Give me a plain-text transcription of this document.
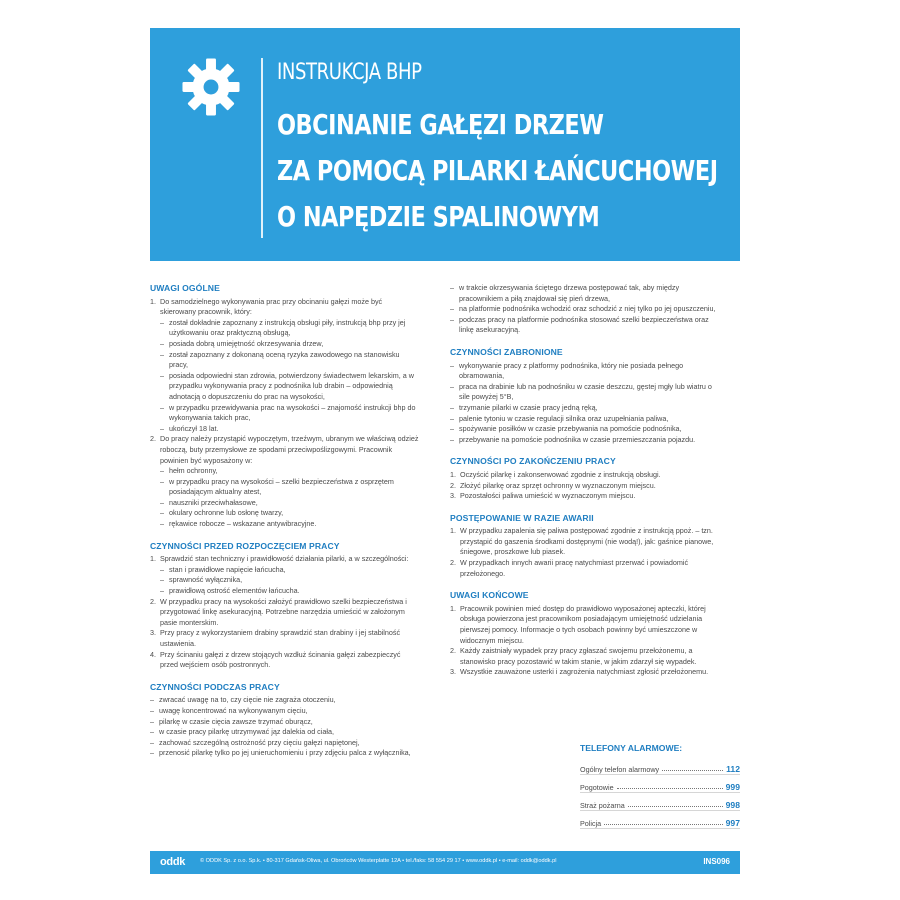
INSTRUKCJA BHP
OBCINANIE GAŁĘZI DRZEW
ZA POMOCĄ PILARKI ŁAŃCUCHOWEJ
O NAPĘDZIE SPALINOWYM
UWAGI OGÓLNE
1. Do samodzielnego wykonywania prac przy obcinaniu gałęzi może być skierowany pracownik, który:
– został dokładnie zapoznany z instrukcją obsługi piły, instrukcją bhp przy jej użytkowaniu oraz praktyczną obsługą,
– posiada dobrą umiejętność okrzesywania drzew,
– został zapoznany z dokonaną oceną ryzyka zawodowego na stanowisku pracy,
– posiada odpowiedni stan zdrowia, potwierdzony świadectwem lekarskim, a w przypadku wykonywania pracy z podnośnika lub drabin – odpowiednią adnotacją o dopuszczeniu do prac na wysokości,
– w przypadku przewidywania prac na wysokości – znajomość instrukcji bhp do wykonywania takich prac,
– ukończył 18 lat.
2. Do pracy należy przystąpić wypoczętym, trzeźwym, ubranym we właściwą odzież roboczą, buty przemysłowe ze spodami przeciwpoślizgowymi. Pracownik powinien być wyposażony w:
– hełm ochronny,
– w przypadku pracy na wysokości – szelki bezpieczeństwa z osprzętem posiadającym aktualny atest,
– nauszniki przeciwhałasowe,
– okulary ochronne lub osłonę twarzy,
– rękawice robocze – wskazane antywibracyjne.
CZYNNOŚCI PRZED ROZPOCZĘCIEM PRACY
1. Sprawdzić stan techniczny i prawidłowość działania pilarki, a w szczególności:
– stan i prawidłowe napięcie łańcucha,
– sprawność wyłącznika,
– prawidłową ostrość elementów łańcucha.
2. W przypadku pracy na wysokości założyć prawidłowo szelki bezpieczeństwa i przygotować linkę asekuracyjną. Potrzebne narzędzia umieścić w założonym pasie monterskim.
3. Przy pracy z wykorzystaniem drabiny sprawdzić stan drabiny i jej stabilność ustawienia.
4. Przy ścinaniu gałęzi z drzew stojących wzdłuż ścinania gałęzi zabezpieczyć przed wejściem osób postronnych.
CZYNNOŚCI PODCZAS PRACY
– zwracać uwagę na to, czy cięcie nie zagraża otoczeniu,
– uwagę koncentrować na wykonywanym cięciu,
– pilarkę w czasie cięcia zawsze trzymać oburącz,
– w czasie pracy pilarkę utrzymywać jąz dalekia od ciała,
– zachować szczególną ostrożność przy cięciu gałęzi napiętonej,
– przenosić pilarkę tylko po jej unieruchomieniu i przy zdjęciu palca z wyłącznika,
– w trakcie okrzesywania ściętego drzewa postępować tak, aby między pracownikiem a piłą znajdował się pień drzewa,
– na platformie podnośnika wchodzić oraz schodzić z niej tylko po jej opuszczeniu,
– podczas pracy na platformie podnośnika stosować szelki bezpieczeństwa oraz linkę asekuracyjną.
CZYNNOŚCI ZABRONIONE
– wykonywanie pracy z platformy podnośnika, który nie posiada pełnego obramowania,
– praca na drabinie lub na podnośniku w czasie deszczu, gęstej mgły lub wiatru o sile powyżej 5°B,
– trzymanie pilarki w czasie pracy jedną ręką,
– palenie tytoniu w czasie regulacji silnika oraz uzupełniania paliwa,
– spożywanie posiłków w czasie przebywania na pomoście podnośnika,
– przebywanie na pomoście podnośnika w czasie przemieszczania pojazdu.
CZYNNOŚCI PO ZAKOŃCZENIU PRACY
1. Oczyścić pilarkę i zakonserwować zgodnie z instrukcją obsługi.
2. Złożyć pilarkę oraz sprzęt ochronny w wyznaczonym miejscu.
3. Pozostałości paliwa umieścić w wyznaczonym miejscu.
POSTĘPOWANIE W RAZIE AWARII
1. W przypadku zapalenia się paliwa postępować zgodnie z instrukcją ppoż. – tzn. przystąpić do gaszenia środkami dostępnymi (nie wodą!), jak: gaśnice pianowe, śniegowe, proszkowe lub piasek.
2. W przypadkach innych awarii pracę natychmiast przerwać i powiadomić przełożonego.
UWAGI KOŃCOWE
1. Pracownik powinien mieć dostęp do prawidłowo wyposażonej apteczki, której obsługa powierzona jest pracownikom posiadającym umiejętność udzielania pierwszej pomocy. Informacje o tych osobach powinny być umieszczone w widocznym miejscu.
2. Każdy zaistniały wypadek przy pracy zgłaszać swojemu przełożonemu, a stanowisko pracy pozostawić w takim stanie, w jakim zdarzył się wypadek.
3. Wszystkie zauważone usterki i zagrożenia natychmiast zgłosić przełożonemu.
TELEFONY ALARMOWE:
Ogólny telefon alarmowy	112
Pogotowie	999
Straż pożarna	998
Policja	997
oddk	© ODDK Sp. z o.o. Sp.k. • 80-317 Gdańsk-Oliwa, ul. Obrońców Westerplatte 12A • tel./faks: 58 554 29 17 • www.oddk.pl • e-mail: oddk@oddk.pl	INS096
